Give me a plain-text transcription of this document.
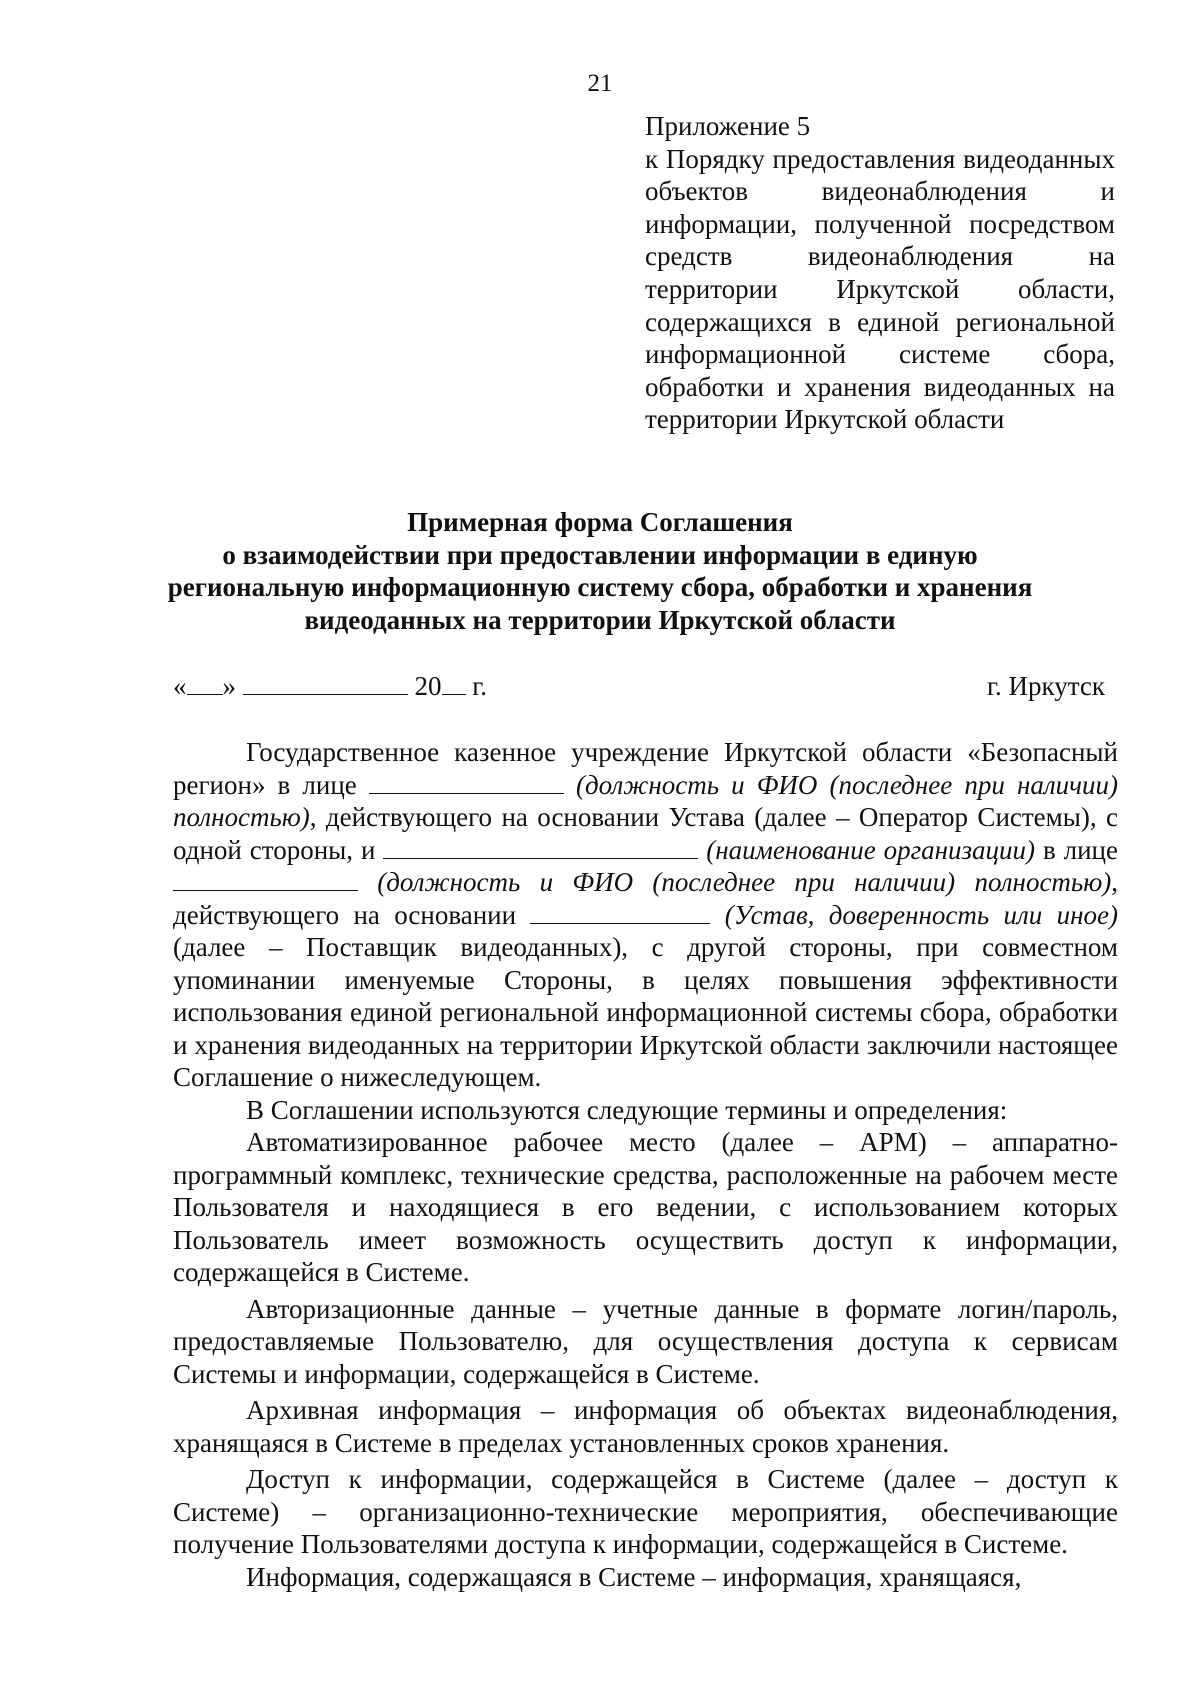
21

Приложение 5

к Порядку предоставления видеоданных объектов видеонаблюдения и информации, полученной посредством средств видеонаблюдения на территории Иркутской области, содержащихся в единой региональной информационной системе сбора, обработки и хранения видеоданных на территории Иркутской области

Примерная форма Соглашения
о взаимодействии при предоставлении информации в единую
региональную информационную систему сбора, обработки и хранения
видеоданных на территории Иркутской области
« »	20 г.	г. Иркутск

Государственное казенное учреждение Иркутской области «Безопасный регион» в лице	(должность и ФИО (последнее при наличии) полностью), действующего на основании Устава (далее – Оператор Системы), с одной стороны, и	(наименование организации) в лице  (должность и ФИО (последнее при наличии) полностью), действующего на основании	(Устав, доверенность или иное) (далее – Поставщик видеоданных), с другой стороны, при совместном упоминании именуемые Стороны, в целях повышения эффективности использования единой региональной информационной системы сбора, обработки и хранения видеоданных на территории Иркутской области заключили настоящее Соглашение о нижеследующем.

В Соглашении используются следующие термины и определения:

Автоматизированное рабочее место (далее – АРМ) – аппаратно-программный комплекс, технические средства, расположенные на рабочем месте Пользователя и находящиеся в его ведении, с использованием которых Пользователь имеет возможность осуществить доступ к информации, содержащейся в Системе.

Авторизационные данные – учетные данные в формате логин/пароль, предоставляемые Пользователю, для осуществления доступа к сервисам Системы и информации, содержащейся в Системе.

Архивная информация – информация об объектах видеонаблюдения, хранящаяся в Системе в пределах установленных сроков хранения.

Доступ к информации, содержащейся в Системе (далее – доступ к Системе) – организационно-технические мероприятия, обеспечивающие получение Пользователями доступа к информации, содержащейся в Системе.

Информация, содержащаяся в Системе – информация, хранящаяся,
